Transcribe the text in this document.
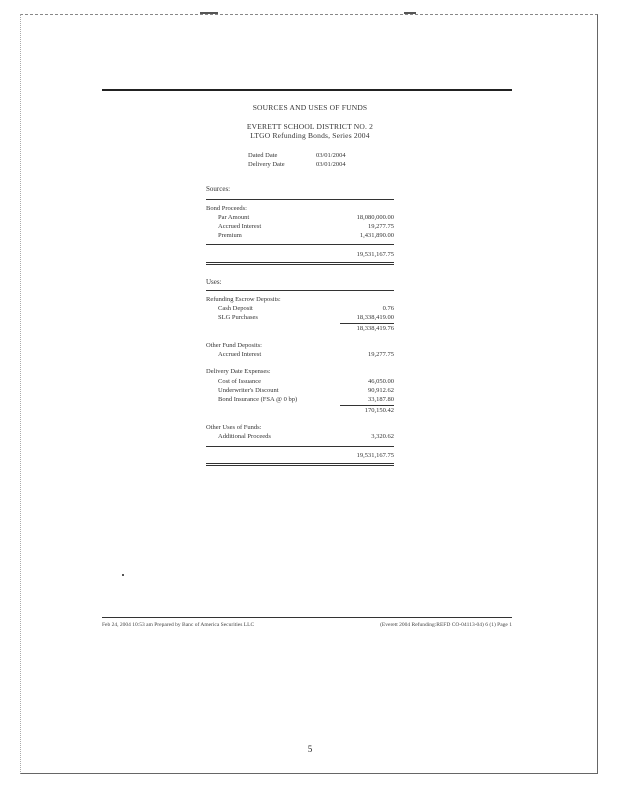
SOURCES AND USES OF FUNDS
EVERETT SCHOOL DISTRICT NO. 2
LTGO Refunding Bonds, Series 2004
Dated Date	03/01/2004
Delivery Date	03/01/2004
Sources:
Bond Proceeds:
Par Amount	18,080,000.00
Accrued Interest	19,277.75
Premium	1,431,890.00
19,531,167.75
Uses:
Refunding Escrow Deposits:
Cash Deposit	0.76
SLG Purchases	18,338,419.00
18,338,419.76
Other Fund Deposits:
Accrued Interest	19,277.75
Delivery Date Expenses:
Cost of Issuance	46,050.00
Underwriter's Discount	90,912.62
Bond Insurance (FSA @ 0 bp)	33,187.80
170,150.42
Other Uses of Funds:
Additional Proceeds	3,320.62
19,531,167.75
Feb 24, 2004 10:53 am Prepared by Banc of America Securities LLC	(Everett 2004 Refunding:REFD CO-04113-04) 6 (1) Page 1
5
